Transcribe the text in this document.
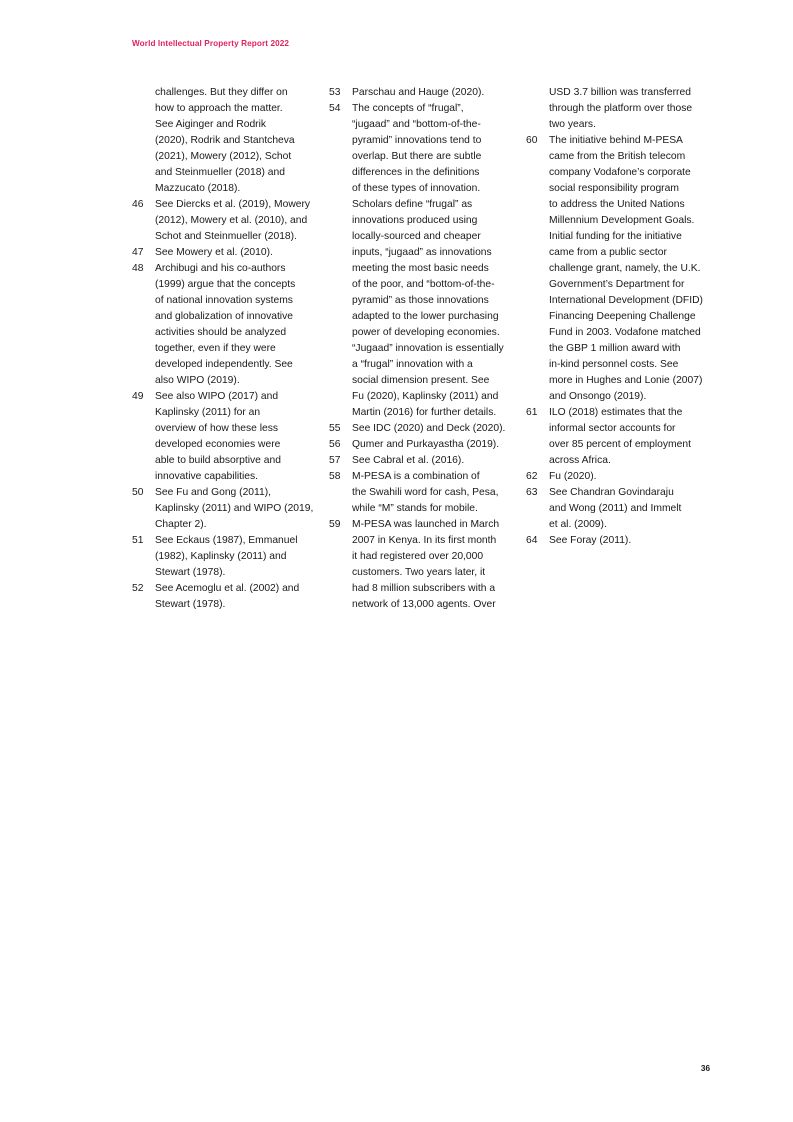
World Intellectual Property Report 2022
challenges. But they differ on
how to approach the matter.
See Aiginger and Rodrik
(2020), Rodrik and Stantcheva
(2021), Mowery (2012), Schot
and Steinmueller (2018) and
Mazzucato (2018).
46 See Diercks et al. (2019), Mowery
(2012), Mowery et al. (2010), and
Schot and Steinmueller (2018).
47 See Mowery et al. (2010).
48 Archibugi and his co-authors
(1999) argue that the concepts
of national innovation systems
and globalization of innovative
activities should be analyzed
together, even if they were
developed independently. See
also WIPO (2019).
49 See also WIPO (2017) and
Kaplinsky (2011) for an
overview of how these less
developed economies were
able to build absorptive and
innovative capabilities.
50 See Fu and Gong (2011),
Kaplinsky (2011) and WIPO (2019,
Chapter 2).
51 See Eckaus (1987), Emmanuel
(1982), Kaplinsky (2011) and
Stewart (1978).
52 See Acemoglu et al. (2002) and
Stewart (1978).
53 Parschau and Hauge (2020).
54 The concepts of “frugal”,
“jugaad” and “bottom-of-the-
pyramid” innovations tend to
overlap. But there are subtle
differences in the definitions
of these types of innovation.
Scholars define “frugal” as
innovations produced using
locally-sourced and cheaper
inputs, “jugaad” as innovations
meeting the most basic needs
of the poor, and “bottom-of-the-
pyramid” as those innovations
adapted to the lower purchasing
power of developing economies.
“Jugaad” innovation is essentially
a “frugal” innovation with a
social dimension present. See
Fu (2020), Kaplinsky (2011) and
Martin (2016) for further details.
55 See IDC (2020) and Deck (2020).
56 Qumer and Purkayastha (2019).
57 See Cabral et al. (2016).
58 M-PESA is a combination of
the Swahili word for cash, Pesa,
while “M” stands for mobile.
59 M-PESA was launched in March
2007 in Kenya. In its first month
it had registered over 20,000
customers. Two years later, it
had 8 million subscribers with a
network of 13,000 agents. Over
USD 3.7 billion was transferred
through the platform over those
two years.
60 The initiative behind M-PESA
came from the British telecom
company Vodafone’s corporate
social responsibility program
to address the United Nations
Millennium Development Goals.
Initial funding for the initiative
came from a public sector
challenge grant, namely, the U.K.
Government’s Department for
International Development (DFID)
Financing Deepening Challenge
Fund in 2003. Vodafone matched
the GBP 1 million award with
in-kind personnel costs. See
more in Hughes and Lonie (2007)
and Onsongo (2019).
61 ILO (2018) estimates that the
informal sector accounts for
over 85 percent of employment
across Africa.
62 Fu (2020).
63 See Chandran Govindaraju
and Wong (2011) and Immelt
et al. (2009).
64 See Foray (2011).
36
